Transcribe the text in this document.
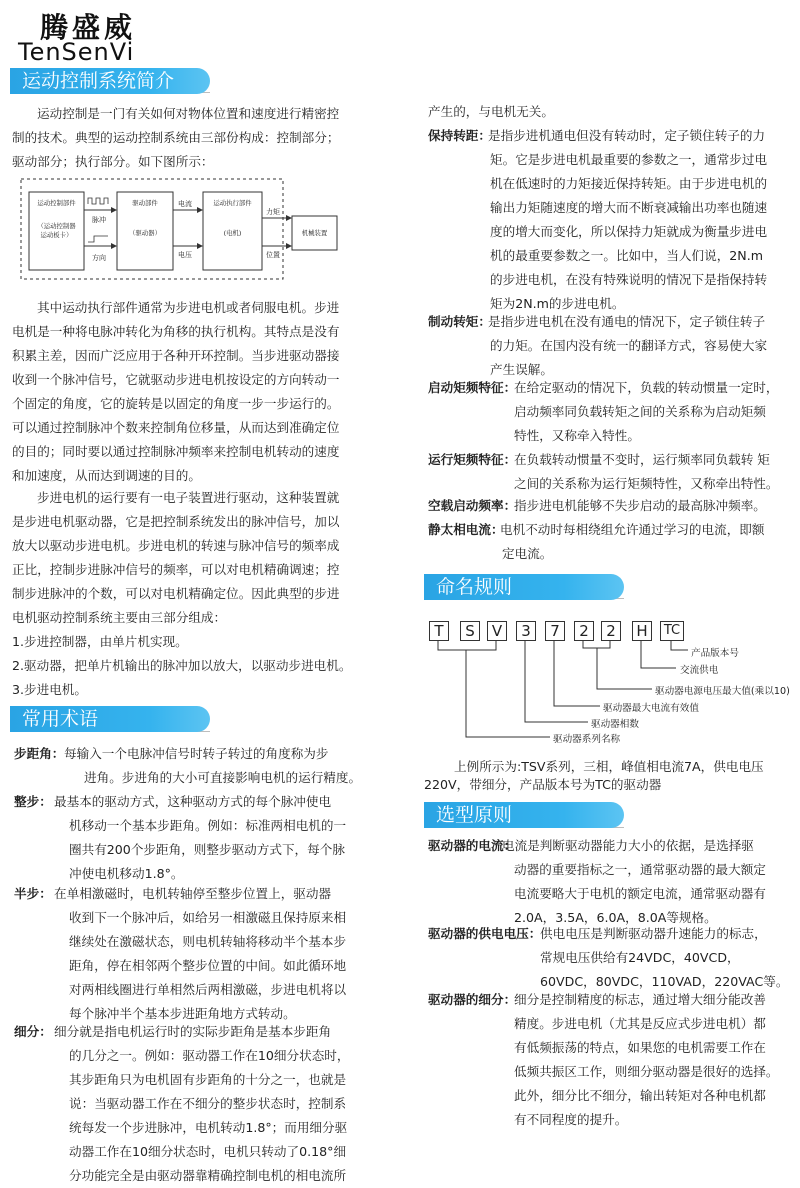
腾盛威
TenSenVi
运动控制系统简介
常用术语
命名规则
选型原则
运动控制是一门有关如何对物体位置和速度进行精密控
制的技术。典型的运动控制系统由三部份构成：控制部分；
驱动部分；执行部分。如下图所示：
运动控制部件
（运动控制器
运动板卡）
驱动部件
（驱动器）
运动执行部件
(电机)	机械装置
脉冲
方向
电流
电压
力矩
位置
其中运动执行部件通常为步进电机或者伺服电机。步进
电机是一种将电脉冲转化为角移的执行机构。其特点是没有
积累主差，因而广泛应用于各种开环控制。当步进驱动器接
收到一个脉冲信号，它就驱动步进电机按设定的方向转动一
个固定的角度，它的旋转是以固定的角度一步一步运行的。
可以通过控制脉冲个数来控制角位移量，从而达到准确定位
的目的；同时要以通过控制脉冲频率来控制电机转动的速度
和加速度，从而达到调速的目的。
步进电机的运行要有一电子装置进行驱动，这种装置就
是步进电机驱动器，它是把控制系统发出的脉冲信号，加以
放大以驱动步进电机。步进电机的转速与脉冲信号的频率成
正比，控制步进脉冲信号的频率，可以对电机精确调速；控
制步进脉冲的个数，可以对电机精确定位。因此典型的步进
电机驱动控制系统主要由三部分组成：
1.步进控制器，由单片机实现。
2.驱动器，把单片机输出的脉冲加以放大，以驱动步进电机。
3.步进电机。
步距角： 每输入一个电脉冲信号时转子转过的角度称为步
进角。步进角的大小可直接影响电机的运行精度。
整步： 最基本的驱动方式，这种驱动方式的每个脉冲使电
机移动一个基本步距角。例如：标准两相电机的一
圈共有200个步距角，则整步驱动方式下，每个脉
冲使电机移动1.8°。
半步： 在单相激磁时，电机转轴停至整步位置上，驱动器
收到下一个脉冲后，如给另一相激磁且保持原来相
继续处在激磁状态，则电机转轴将移动半个基本步
距角，停在相邻两个整步位置的中间。如此循环地
对两相线圈进行单相然后两相激磁，步进电机将以
每个脉冲半个基本步进距角地方式转动。
细分： 细分就是指电机运行时的实际步距角是基本步距角
的几分之一。例如：驱动器工作在10细分状态时，
其步距角只为电机固有步距角的十分之一，也就是
说：当驱动器工作在不细分的整步状态时，控制系
统每发一个步进脉冲，电机转动1.8°；而用细分驱
动器工作在10细分状态时，电机只转动了0.18°细
分功能完全是由驱动器靠精确控制电机的相电流所
产生的，与电机无关。
保持转距：
是指步进机通电但没有转动时，定子锁住转子的力
矩。它是步进电机最重要的参数之一，通常步过电
机在低速时的力矩接近保持转矩。由于步进电机的
输出力矩随速度的增大而不断衰减输出功率也随速
度的增大而变化，所以保持力矩就成为衡量步进电
机的最重要参数之一。比如中，当人们说，2N.m
的步进电机，在没有特殊说明的情况下是指保持转
矩为2N.m的步进电机。
制动转矩：
是指步进电机在没有通电的情况下，定子锁住转子
的力矩。在国内没有统一的翻译方式，容易使大家
产生误解。
启动矩频特征：
在给定驱动的情况下，负载的转动惯量一定时，
启动频率同负载转矩之间的关系称为启动矩频
特性，又称牵入特性。
运行矩频特征：
在负载转动惯量不变时，运行频率同负载转 矩
之间的关系称为运行矩频特性，又称牵出特性。
空载启动频率：
指步进电机能够不失步启动的最高脉冲频率。
静太相电流：
电机不动时每相绕组允许通过学习的电流，即额
定电流。
T	S	V	3	7	2	2	H	TC
产品版本号
交流供电
驱动器电源电压最大值(乘以10)
驱动器最大电流有效值
驱动器相数
驱动器系列名称
上例所示为:TSV系列，三相，峰值相电流7A，供电电压
220V，带细分，产品版本号为TC的驱动器
驱动器的电流：
电流是判断驱动器能力大小的依据，是选择驱
动器的重要指标之一，通常驱动器的最大额定
电流要略大于电机的额定电流，通常驱动器有
2.0A，3.5A，6.0A，8.0A等规格。
驱动器的供电电压：
供电电压是判断驱动器升速能力的标志，
常规电压供给有24VDC，40VCD，
60VDC，80VDC，110VAD，220VAC等。
驱动器的细分：
细分是控制精度的标志，通过增大细分能改善
精度。步进电机（尤其是反应式步进电机）都
有低频振荡的特点，如果您的电机需要工作在
低频共振区工作，则细分驱动器是很好的选择。
此外，细分比不细分，输出转矩对各种电机都
有不同程度的提升。
